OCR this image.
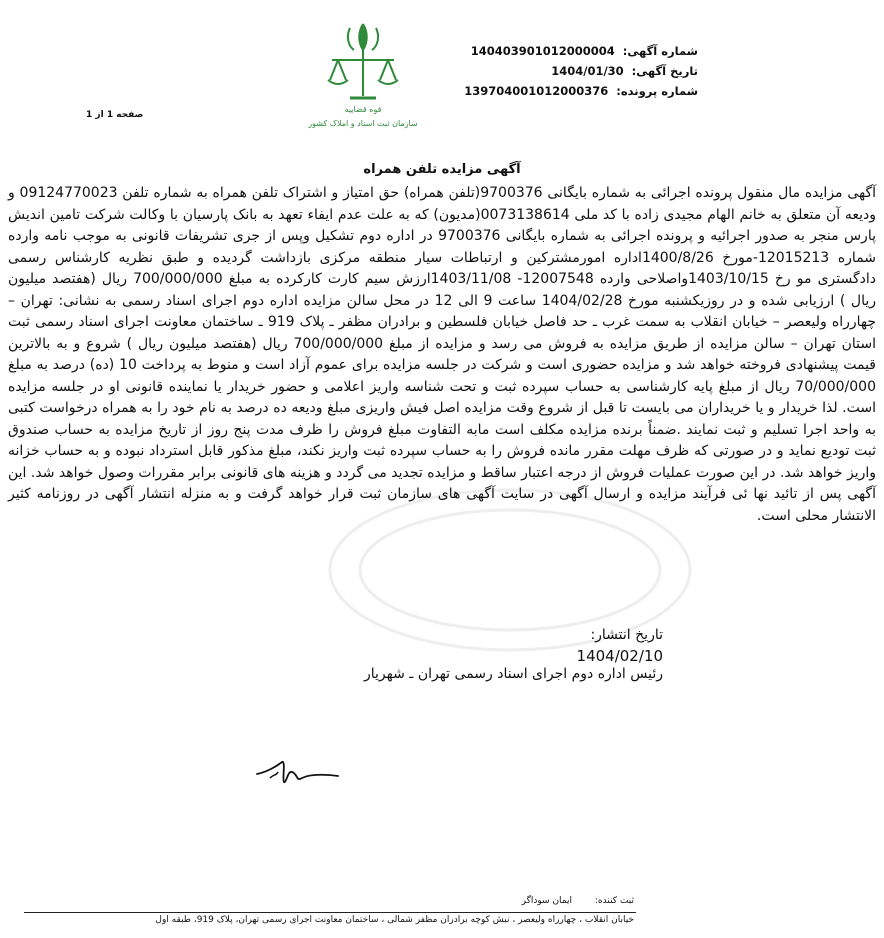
شماره آگهی: 140403901012000004
تاریخ آگهی: 1404/01/30
شماره پرونده: 139704001012000376
قوه قضاییه
سازمان ثبت اسناد و املاک کشور
صفحه 1 از 1
آگهی مزایده تلفن همراه
آگهی مزایده مال منقول پرونده اجرائی به شماره بایگانی 9700376(تلفن همراه) حق امتیاز و اشتراک تلفن همراه به شماره تلفن 09124770023 و ودیعه آن متعلق به خانم الهام مجیدی زاده با کد ملی 0073138614(مدیون) که به علت عدم ایفاء تعهد به بانک پارسیان با وکالت شرکت تامین اندیش پارس منجر به صدور اجرائیه و پرونده اجرائی به شماره بایگانی 9700376 در اداره دوم تشکیل وپس از جری تشریفات قانونی به موجب نامه وارده شماره 12015213-مورخ 1400/8/26اداره امورمشترکین و ارتباطات سیار منطقه مرکزی بازداشت گردیده و طبق نظریه کارشناس رسمی دادگستری مو رخ 1403/10/15واصلاحی وارده 12007548- 1403/11/08ارزش سیم کارت کارکرده به مبلغ 700/000/000 ریال (هفتصد میلیون ریال ) ارزیابی شده و در روزیکشنبه مورخ 1404/02/28 ساعت 9 الی 12 در محل سالن مزایده اداره دوم اجرای اسناد رسمی به نشانی: تهران – چهارراه ولیعصر – خیابان انقلاب به سمت غرب ـ حد فاصل خیابان فلسطین و برادران مظفر ـ پلاک 919 ـ ساختمان معاونت اجرای اسناد رسمی ثبت استان تهران – سالن مزایده از طریق مزایده به فروش می رسد و مزایده از مبلغ 700/000/000 ریال (هفتصد میلیون ریال ) شروع و به بالاترین قیمت پیشنهادی فروخته خواهد شد و مزایده حضوری است و شرکت در جلسه مزایده برای عموم آزاد است و منوط به پرداخت 10 (ده) درصد به مبلغ 70/000/000 ریال از مبلغ پایه کارشناسی به حساب سپرده ثبت و تحت شناسه واریز اعلامی و حضور خریدار یا نماینده قانونی او در جلسه مزایده است. لذا خریدار و یا خریداران می بایست تا قبل از شروع وقت مزایده اصل فیش واریزی مبلغ ودیعه ده درصد به نام خود را به همراه درخواست کتبی به واحد اجرا تسلیم و ثبت نمایند .ضمناً برنده مزایده مکلف است مابه التفاوت مبلغ فروش را ظرف مدت پنج روز از تاریخ مزایده به حساب صندوق ثبت تودیع نماید و در صورتی که ظرف مهلت مقرر مانده فروش را به حساب سپرده ثبت واریز نکند، مبلغ مذکور قابل استرداد نبوده و به حساب خزانه واریز خواهد شد. در این صورت عملیات فروش از درجه اعتبار ساقط و مزایده تجدید می گردد و هزینه های قانونی برابر مقررات وصول خواهد شد. این آگهی پس از تائید نها ئی فرآیند مزایده و ارسال آگهی در سایت آگهی های سازمان ثبت قرار خواهد گرفت و به منزله انتشار آگهی در روزنامه کثیر الانتشار محلی است.
تاریخ انتشار:
1404/02/10
رئیس اداره دوم اجرای اسناد رسمی تهران ـ شهریار
ثبت کننده: ایمان سوداگر
خیابان انقلاب ، چهارراه ولیعصر ، نبش کوچه برادران مظفر شمالی ، ساختمان معاونت اجرای رسمی تهران، پلاک 919، طبقه اول
